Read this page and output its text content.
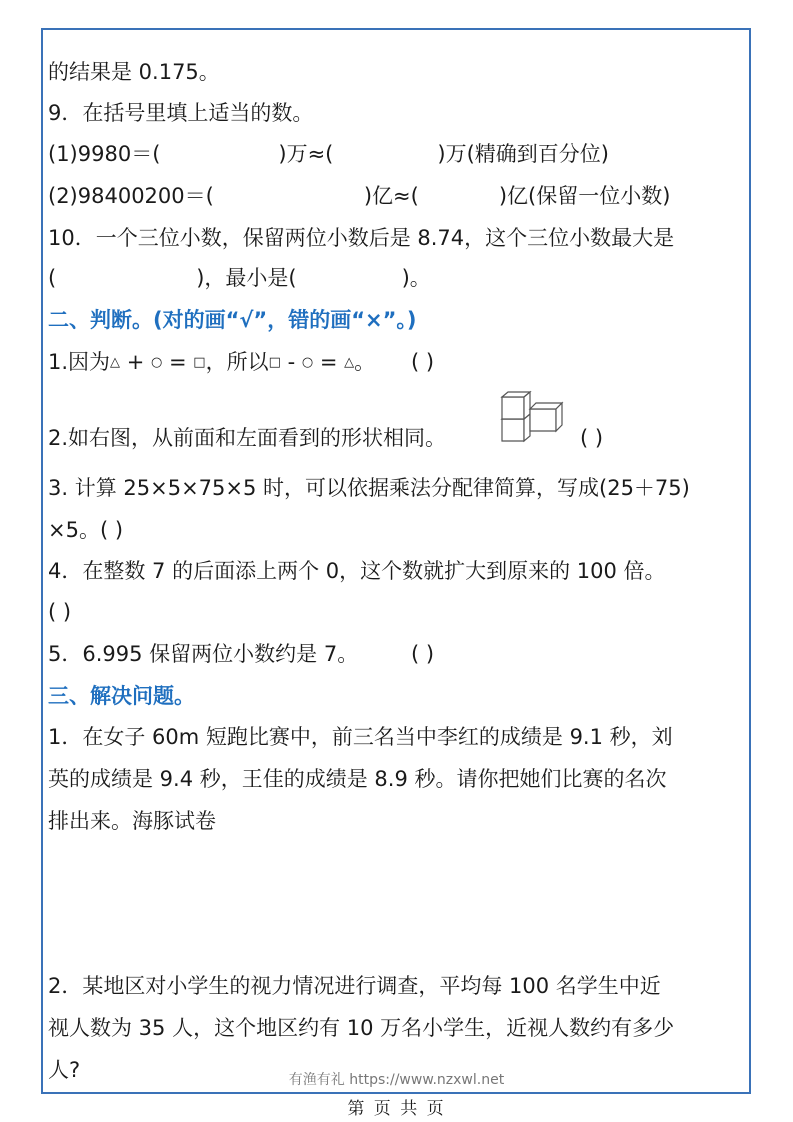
的结果是 0.175。
9．在括号里填上适当的数。
(1)9980＝(	)万≈(	)万(精确到百分位)
(2)98400200＝(	)亿≈(	)亿(保留一位小数)
10．一个三位小数，保留两位小数后是 8.74，这个三位小数最大是
(	)，最小是(	)。
二、判断。(对的画“√”，错的画“×”。)
1.因为△ + ○ = □，所以□ - ○ = △。 ( )
2.如右图，从前面和左面看到的形状相同。	( )
3. 计算 25×5×75×5 时，可以依据乘法分配律简算，写成(25＋75)
×5。( )
4．在整数 7 的后面添上两个 0，这个数就扩大到原来的 100 倍。
( )
5．6.995 保留两位小数约是 7。	( )
三、解决问题。
1．在女子 60m 短跑比赛中，前三名当中李红的成绩是 9.1 秒，刘
英的成绩是 9.4 秒，王佳的成绩是 8.9 秒。请你把她们比赛的名次
排出来。海豚试卷
2．某地区对小学生的视力情况进行调查，平均每 100 名学生中近
视人数为 35 人，这个地区约有 10 万名小学生，近视人数约有多少
人?	有渔有礼 https://www.nzxwl.net
第 页 共 页
